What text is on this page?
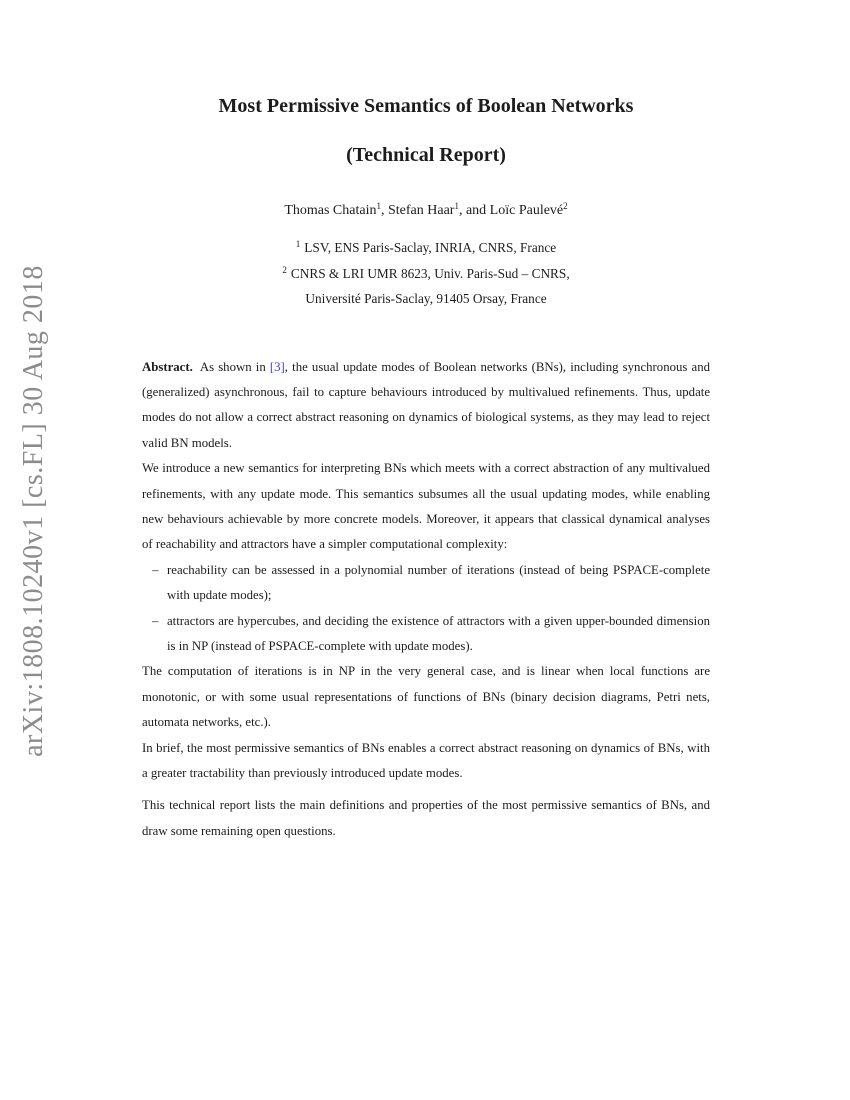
arXiv:1808.10240v1 [cs.FL] 30 Aug 2018
Most Permissive Semantics of Boolean Networks
(Technical Report)
Thomas Chatain$^1$, Stefan Haar$^1$, and Loïc Paulevé$^2$
$^1$ LSV, ENS Paris-Saclay, INRIA, CNRS, France
$^2$ CNRS & LRI UMR 8623, Univ. Paris-Sud – CNRS,
Université Paris-Saclay, 91405 Orsay, France

Abstract. As shown in [3], the usual update modes of Boolean networks (BNs), including synchronous and (generalized) asynchronous, fail to capture behaviours introduced by multivalued refinements. Thus, update modes do not allow a correct abstract reasoning on dynamics of biological systems, as they may lead to reject valid BN models.

We introduce a new semantics for interpreting BNs which meets with a correct abstraction of any multivalued refinements, with any update mode. This semantics subsumes all the usual updating modes, while enabling new behaviours achievable by more concrete models. Moreover, it appears that classical dynamical analyses of reachability and attractors have a simpler computational complexity:

– reachability can be assessed in a polynomial number of iterations (instead of being PSPACE-complete with update modes);
– attractors are hypercubes, and deciding the existence of attractors with a given upper-bounded dimension is in NP (instead of PSPACE-complete with update modes).

The computation of iterations is in NP in the very general case, and is linear when local functions are monotonic, or with some usual representations of functions of BNs (binary decision diagrams, Petri nets, automata networks, etc.).

In brief, the most permissive semantics of BNs enables a correct abstract reasoning on dynamics of BNs, with a greater tractability than previously introduced update modes.

This technical report lists the main definitions and properties of the most permissive semantics of BNs, and draw some remaining open questions.
